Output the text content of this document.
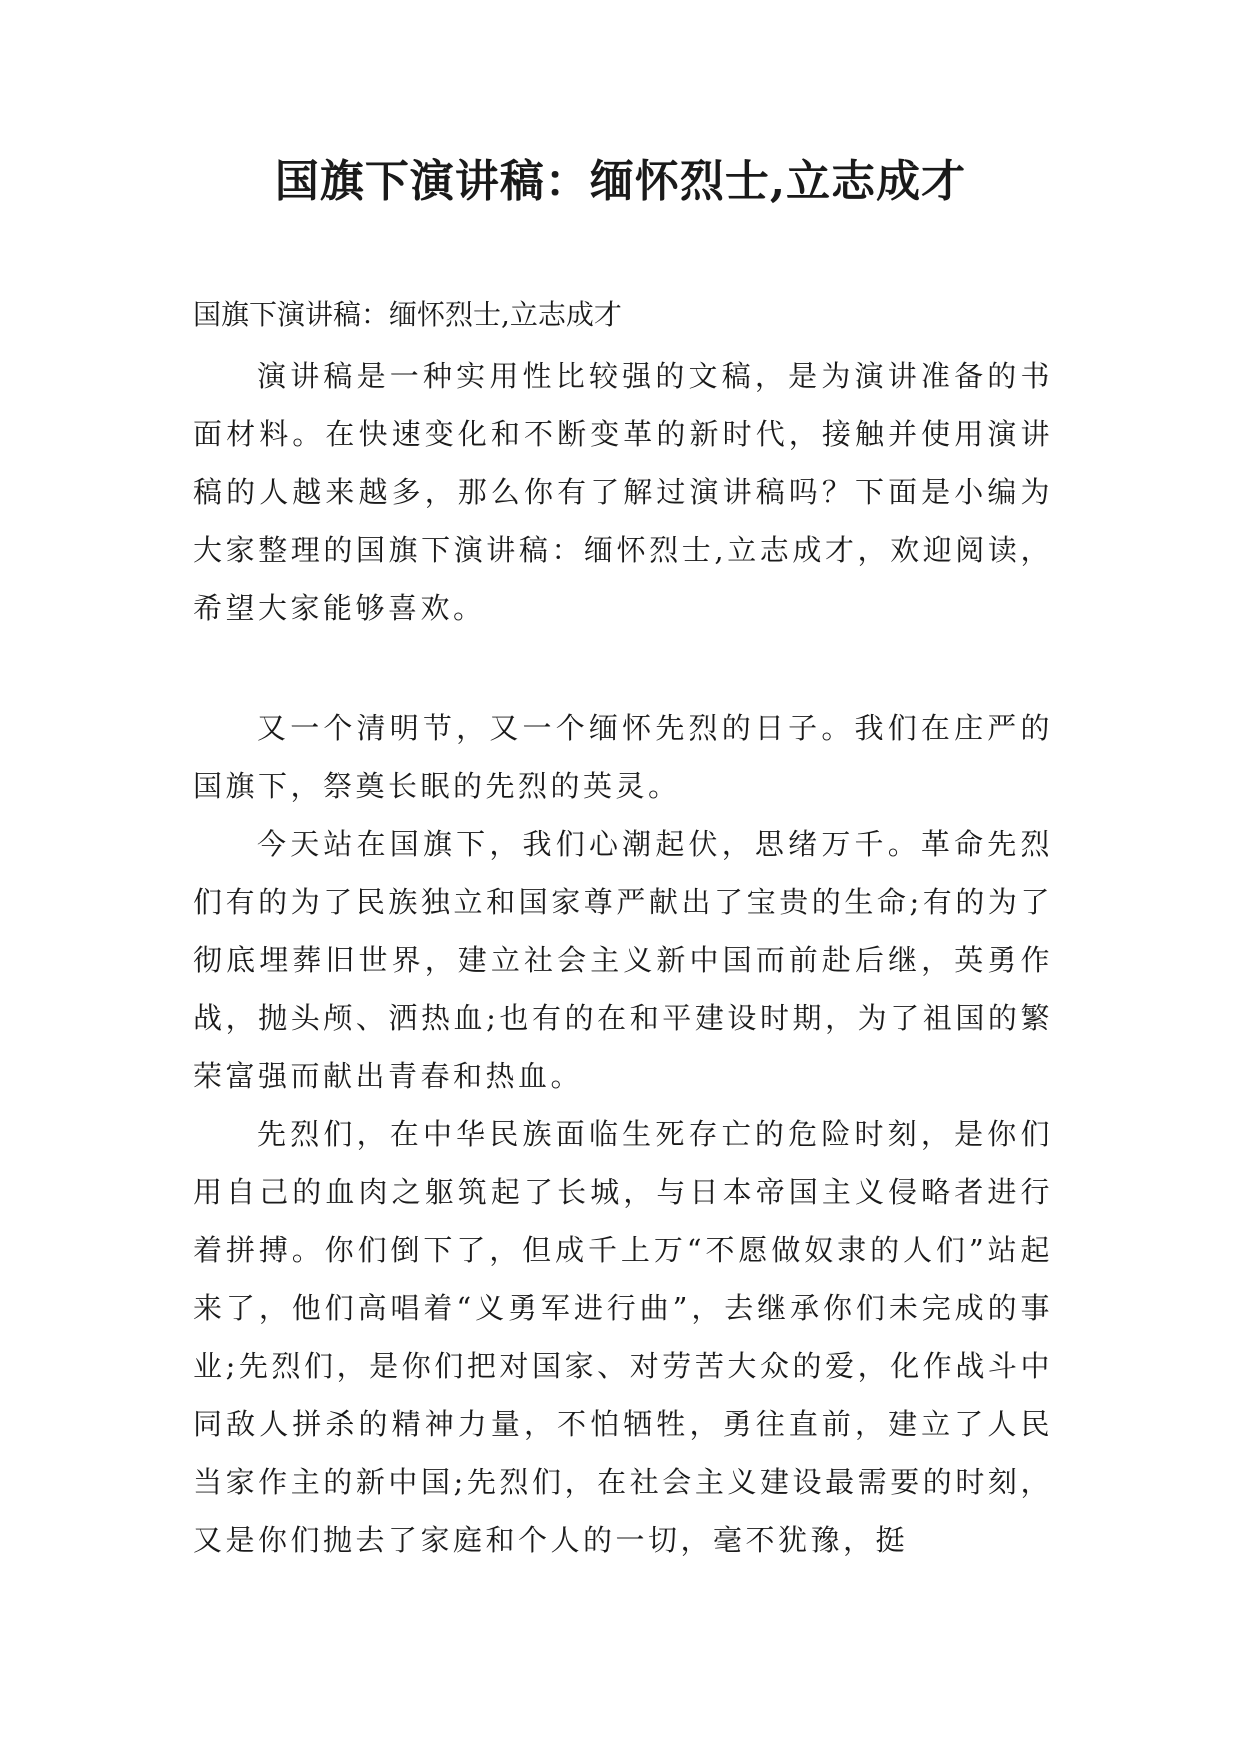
国旗下演讲稿：缅怀烈士,立志成才

国旗下演讲稿：缅怀烈士,立志成才

演讲稿是一种实用性比较强的文稿，是为演讲准备的书面材料。在快速变化和不断变革的新时代，接触并使用演讲稿的人越来越多，那么你有了解过演讲稿吗？下面是小编为大家整理的国旗下演讲稿：缅怀烈士,立志成才，欢迎阅读，希望大家能够喜欢。

又一个清明节，又一个缅怀先烈的日子。我们在庄严的国旗下，祭奠长眠的先烈的英灵。

今天站在国旗下，我们心潮起伏，思绪万千。革命先烈们有的为了民族独立和国家尊严献出了宝贵的生命;有的为了彻底埋葬旧世界，建立社会主义新中国而前赴后继，英勇作战，抛头颅、洒热血;也有的在和平建设时期，为了祖国的繁荣富强而献出青春和热血。

先烈们，在中华民族面临生死存亡的危险时刻，是你们用自己的血肉之躯筑起了长城，与日本帝国主义侵略者进行着拼搏。你们倒下了，但成千上万“不愿做奴隶的人们”站起来了，他们高唱着“义勇军进行曲”，去继承你们未完成的事业;先烈们，是你们把对国家、对劳苦大众的爱，化作战斗中同敌人拼杀的精神力量，不怕牺牲，勇往直前，建立了人民当家作主的新中国;先烈们，在社会主义建设最需要的时刻，又是你们抛去了家庭和个人的一切，毫不犹豫，挺
